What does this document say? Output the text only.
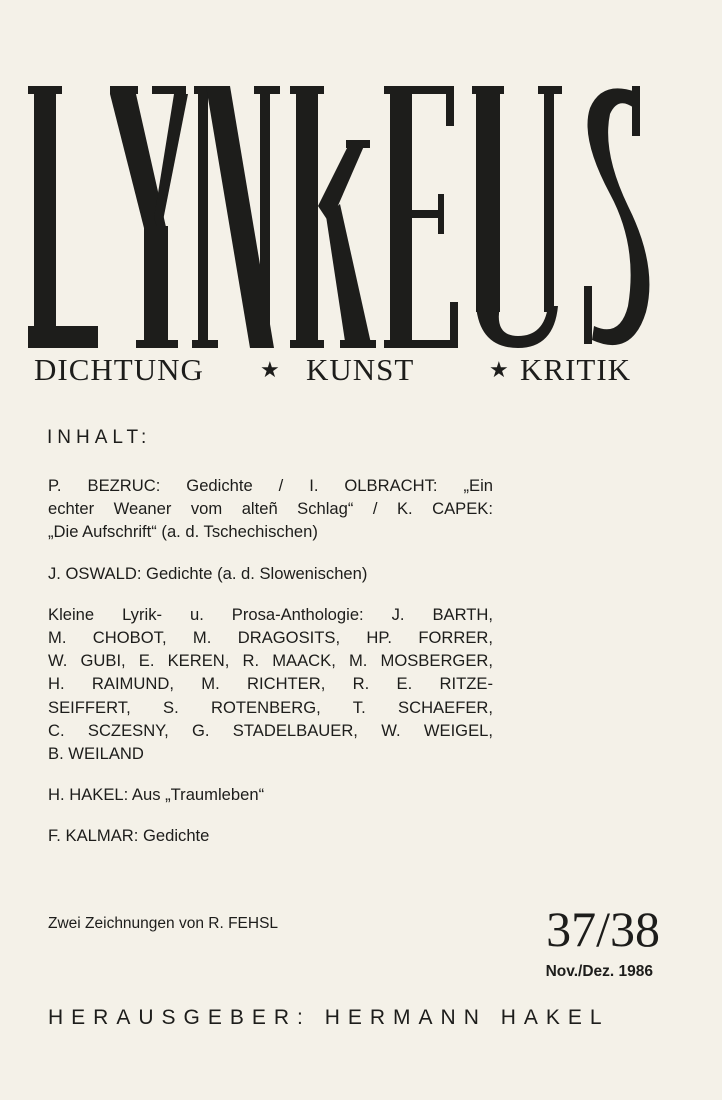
DICHTUNG	★ KUNST	★ KRITIK
INHALT:
P. BEZRUC: Gedichte / I. OLBRACHT: „Ein
echter Weaner vom alteñ Schlag“ / K. CAPEK:
„Die Aufschrift“ (a. d. Tschechischen)
J. OSWALD: Gedichte (a. d. Slowenischen)
Kleine Lyrik- u. Prosa-Anthologie: J. BARTH,
M. CHOBOT, M. DRAGOSITS, HP. FORRER,
W. GUBI, E. KEREN, R. MAACK, M. MOSBERGER,
H. RAIMUND, M. RICHTER, R. E. RITZE-
SEIFFERT, S. ROTENBERG, T. SCHAEFER,
C. SCZESNY, G. STADELBAUER, W. WEIGEL,
B. WEILAND
H. HAKEL: Aus „Traumleben“
F. KALMAR: Gedichte
Zwei Zeichnungen von R. FEHSL	37/38
Nov./Dez. 1986
HERAUSGEBER: HERMANN HAKEL
